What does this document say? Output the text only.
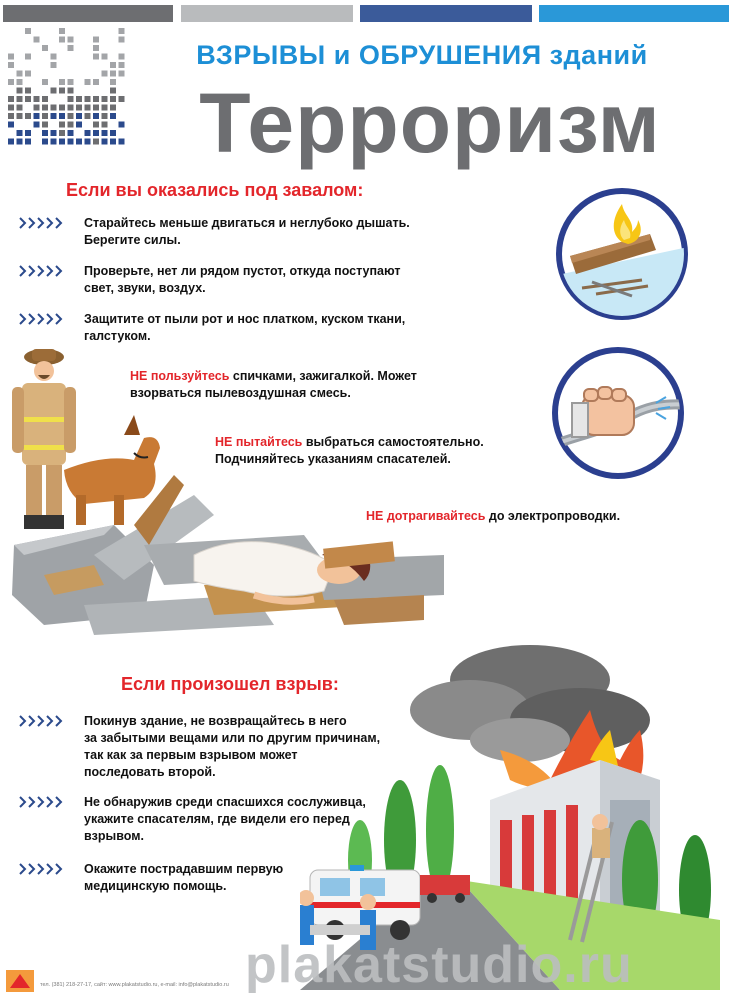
ВЗРЫВЫ и ОБРУШЕНИЯ зданий
Терроризм
Если вы оказались под завалом:
Старайтесь меньше двигаться и неглубоко дышать.
Берегите силы.
Проверьте, нет ли рядом пустот, откуда поступают
свет, звуки, воздух.
Защитите от пыли рот и нос платком, куском ткани,
галстуком.
НЕ пользуйтесь спичками, зажигалкой. Может
взорваться пылевоздушная смесь.
НЕ пытайтесь выбраться самостоятельно.
Подчиняйтесь указаниям спасателей.
НЕ дотрагивайтесь до электропроводки.
Если произошел взрыв:
Покинув здание, не возвращайтесь в него
за забытыми вещами или по другим причинам,
так как за первым взрывом может
последовать второй.
Не обнаружив среди спасшихся сослуживца,
укажите спасателям, где видели его перед
взрывом.
Окажите пострадавшим первую
медицинскую помощь.
plakatstudio.ru
тел. (381) 218-27-17, сайт: www.plakatstudio.ru, e-mail: info@plakatstudio.ru
